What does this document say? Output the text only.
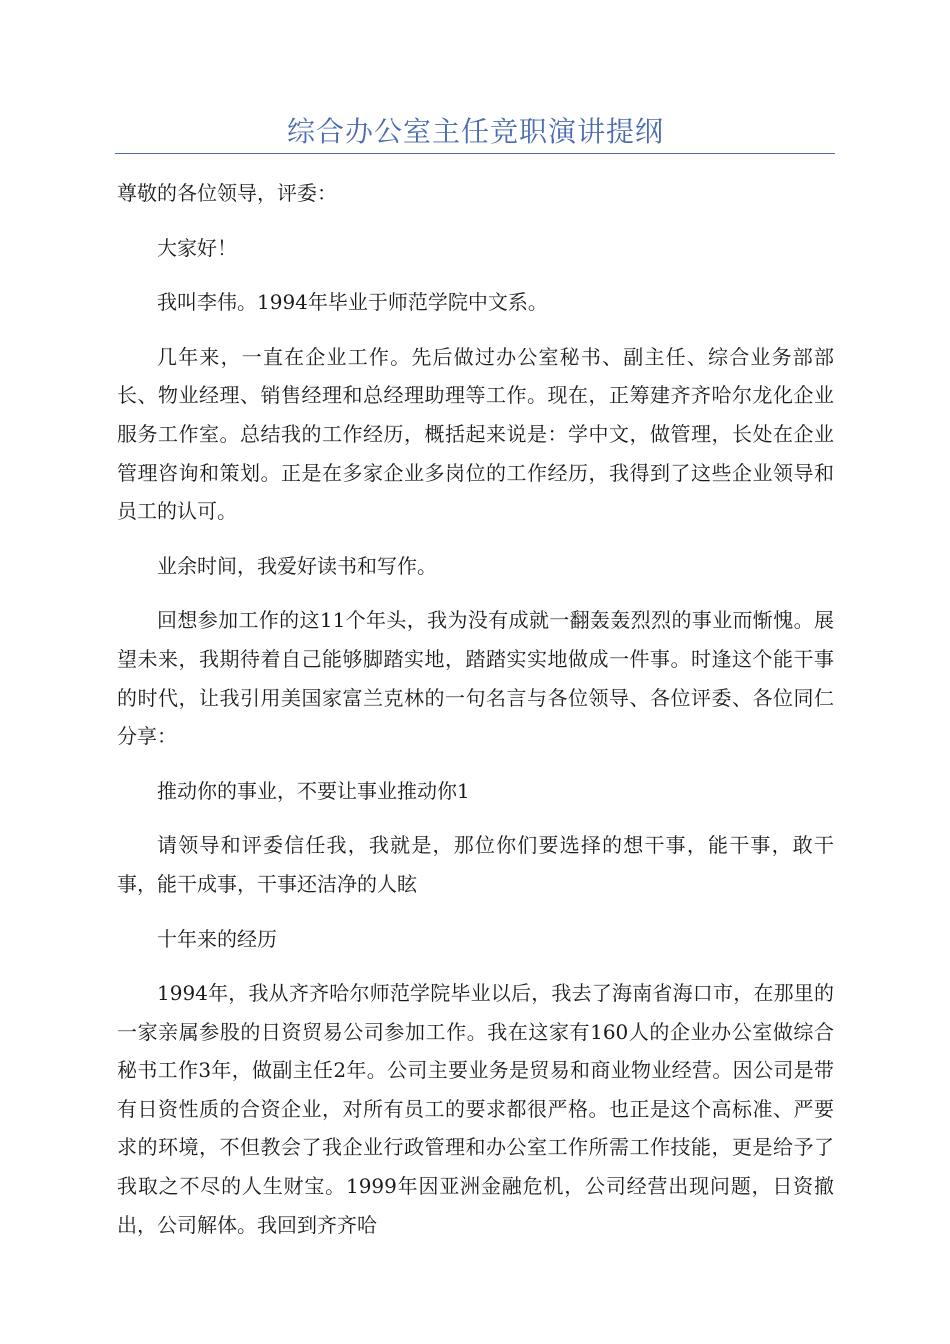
综合办公室主任竞职演讲提纲

尊敬的各位领导，评委：

大家好！

我叫李伟。1994年毕业于师范学院中文系。

几年来，一直在企业工作。先后做过办公室秘书、副主任、综合业务部部长、物业经理、销售经理和总经理助理等工作。现在，正筹建齐齐哈尔龙化企业服务工作室。总结我的工作经历，概括起来说是：学中文，做管理，长处在企业管理咨询和策划。正是在多家企业多岗位的工作经历，我得到了这些企业领导和员工的认可。

业余时间，我爱好读书和写作。

回想参加工作的这11个年头，我为没有成就一翻轰轰烈烈的事业而惭愧。展望未来，我期待着自己能够脚踏实地，踏踏实实地做成一件事。时逢这个能干事的时代，让我引用美国家富兰克林的一句名言与各位领导、各位评委、各位同仁分享：

推动你的事业，不要让事业推动你1

请领导和评委信任我，我就是，那位你们要选择的想干事，能干事，敢干事，能干成事，干事还洁净的人眩

十年来的经历

1994年，我从齐齐哈尔师范学院毕业以后，我去了海南省海口市，在那里的一家亲属参股的日资贸易公司参加工作。我在这家有160人的企业办公室做综合秘书工作3年，做副主任2年。公司主要业务是贸易和商业物业经营。因公司是带有日资性质的合资企业，对所有员工的要求都很严格。也正是这个高标准、严要求的环境，不但教会了我企业行政管理和办公室工作所需工作技能，更是给予了我取之不尽的人生财宝。1999年因亚洲金融危机，公司经营出现问题，日资撤出，公司解体。我回到齐齐哈
